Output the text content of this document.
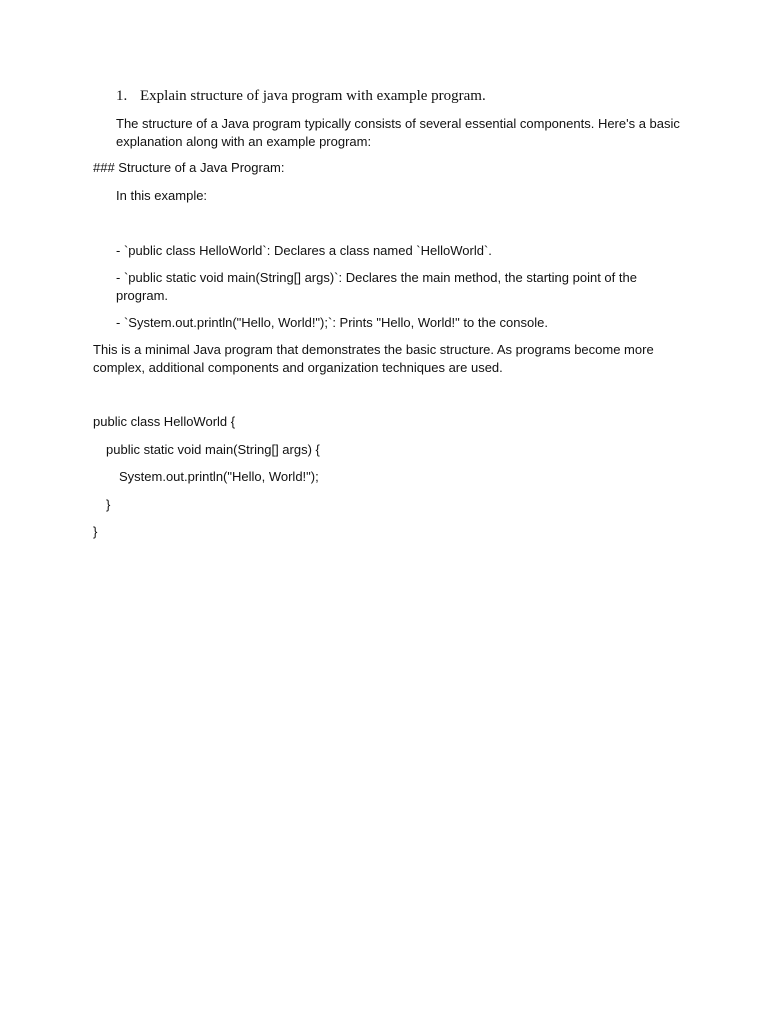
1. Explain structure of java program with example program.
The structure of a Java program typically consists of several essential components. Here's a basic
explanation along with an example program:
### Structure of a Java Program:
In this example:
- `public class HelloWorld`: Declares a class named `HelloWorld`.
- `public static void main(String[] args)`: Declares the main method, the starting point of the
program.
- `System.out.println("Hello, World!");`: Prints "Hello, World!" to the console.
This is a minimal Java program that demonstrates the basic structure. As programs become more
complex, additional components and organization techniques are used.
public class HelloWorld {
public static void main(String[] args) {
System.out.println("Hello, World!");
}
}
